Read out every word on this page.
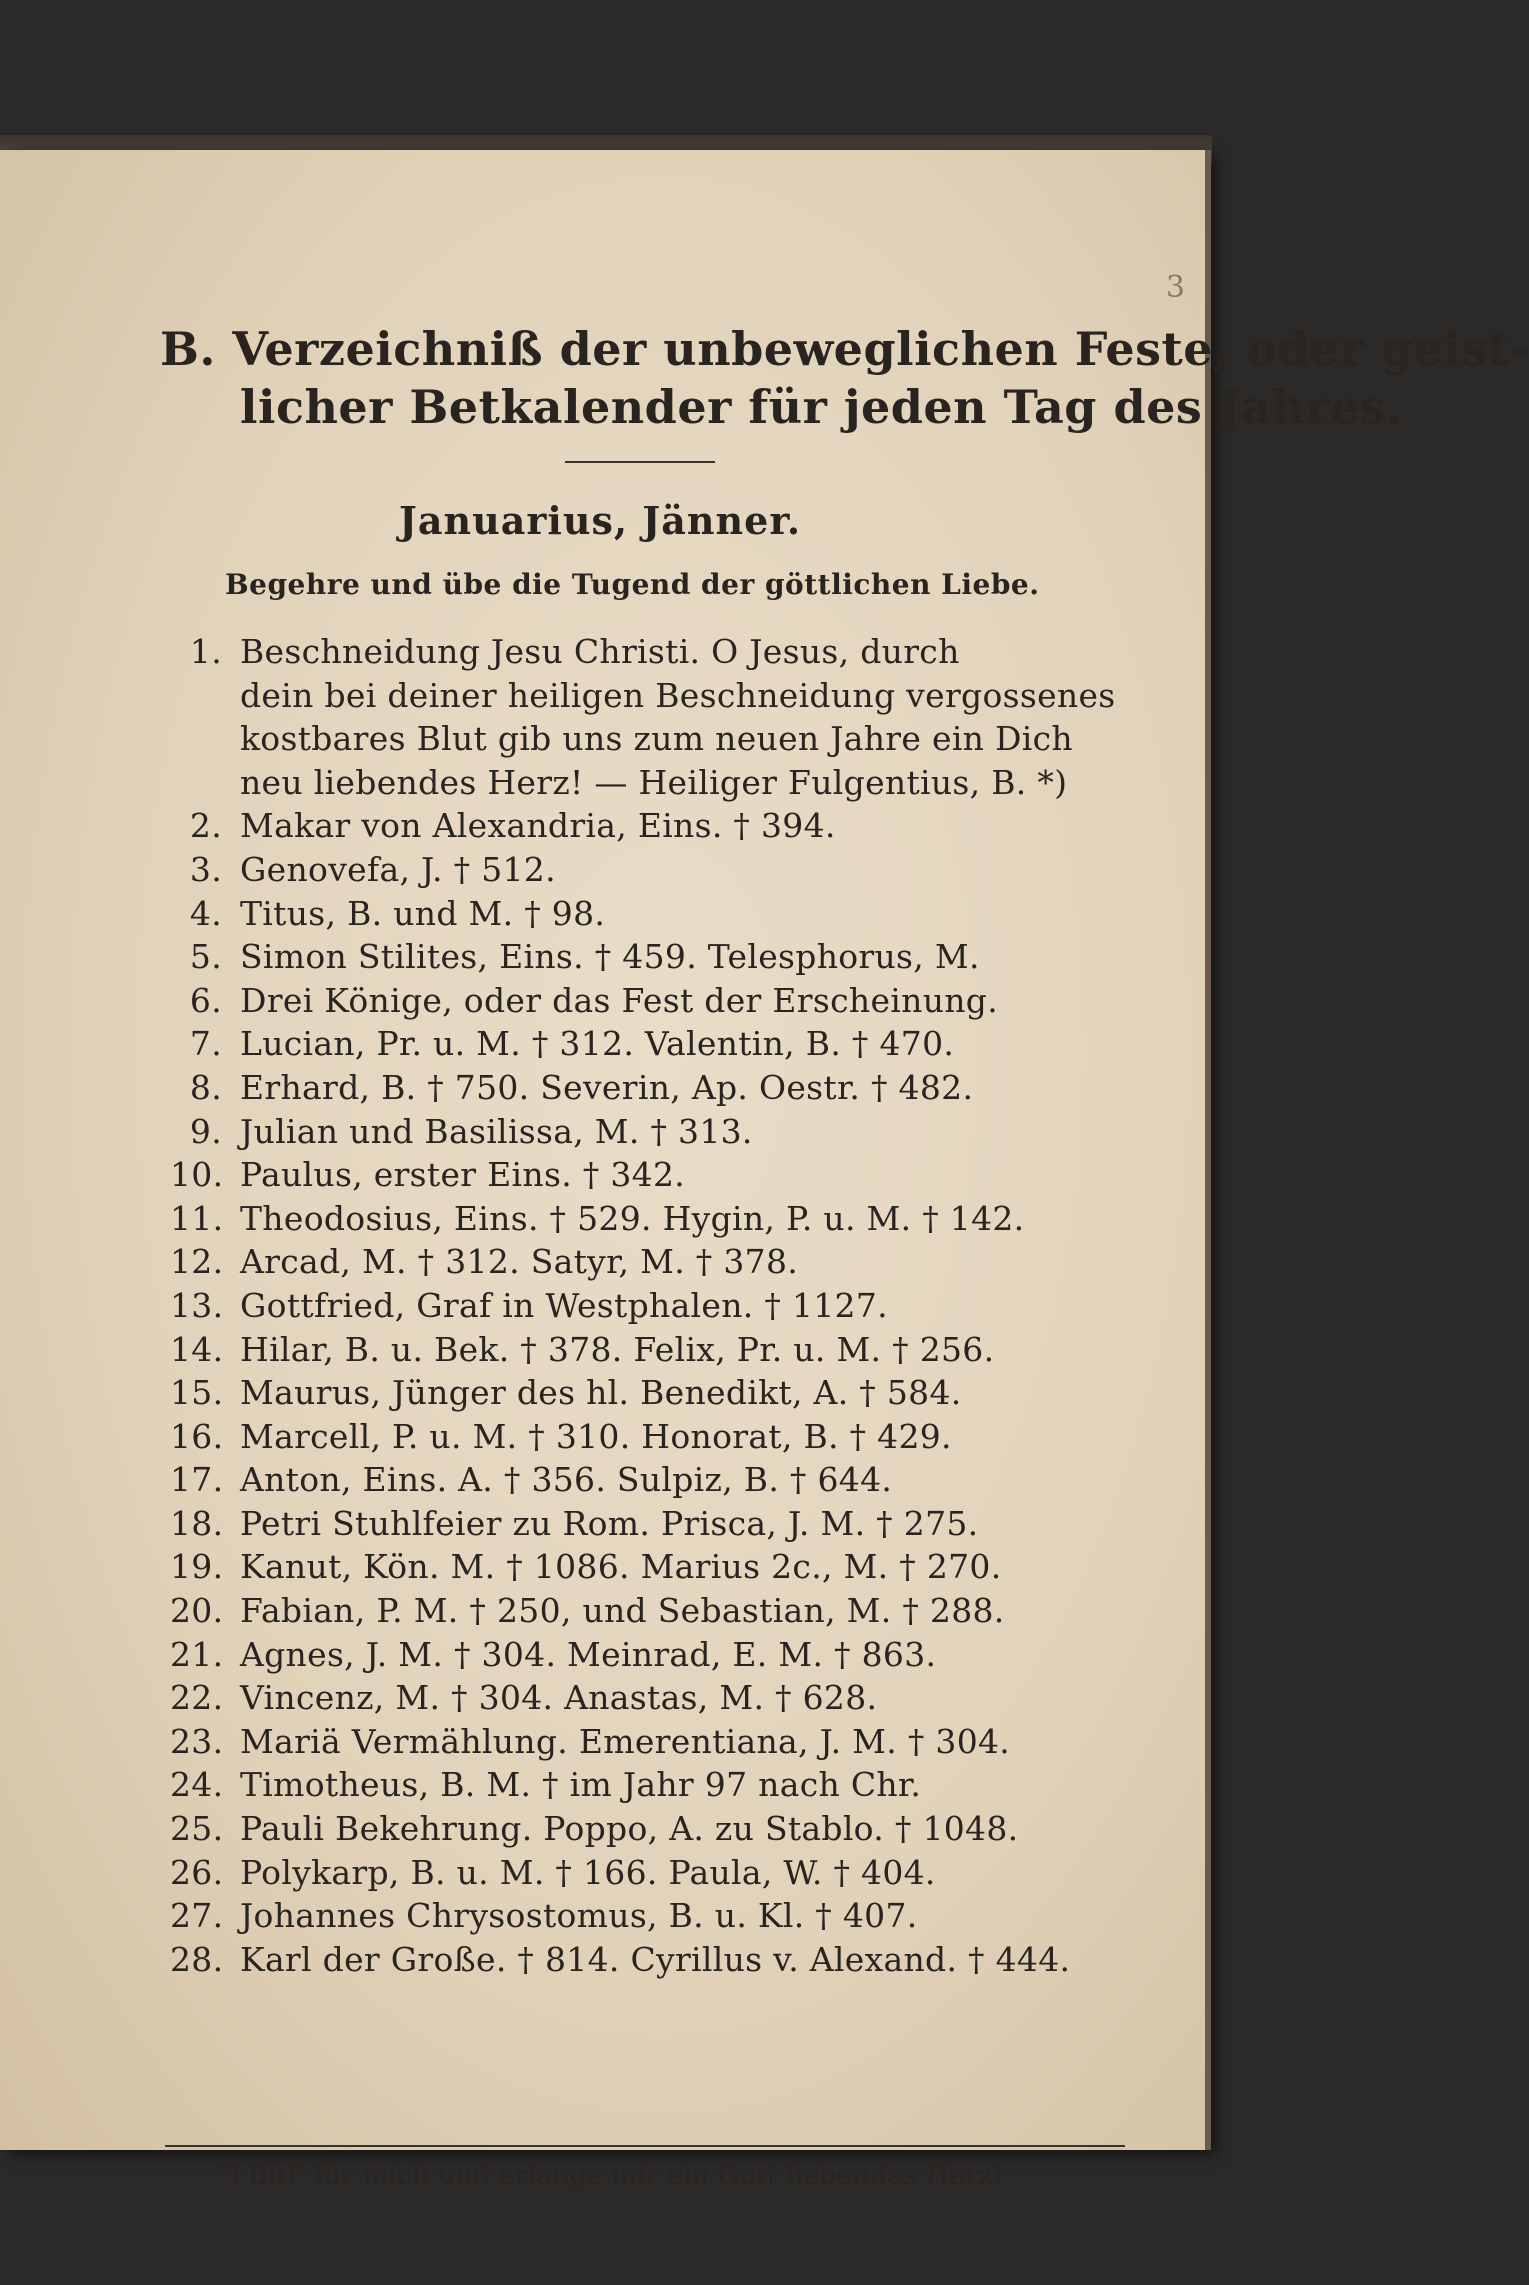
3
B. Verzeichniß der unbeweglichen Feste, oder geist-
licher Betkalender für jeden Tag des Jahres.
Januarius, Jänner.
Begehre und übe die Tugend der göttlichen Liebe.
1. Beschneidung Jesu Christi. O Jesus, durch
dein bei deiner heiligen Beschneidung vergossenes
kostbares Blut gib uns zum neuen Jahre ein Dich
neu liebendes Herz! — Heiliger Fulgentius, B. *)
2. Makar von Alexandria, Eins. † 394.
3. Genovefa, J. † 512.
4. Titus, B. und M. † 98.
5. Simon Stilites, Eins. † 459. Telesphorus, M.
6. Drei Könige, oder das Fest der Erscheinung.
7. Lucian, Pr. u. M. † 312. Valentin, B. † 470.
8. Erhard, B. † 750. Severin, Ap. Oestr. † 482.
9. Julian und Basilissa, M. † 313.
10. Paulus, erster Eins. † 342.
11. Theodosius, Eins. † 529. Hygin, P. u. M. † 142.
12. Arcad, M. † 312. Satyr, M. † 378.
13. Gottfried, Graf in Westphalen. † 1127.
14. Hilar, B. u. Bek. † 378. Felix, Pr. u. M. † 256.
15. Maurus, Jünger des hl. Benedikt, A. † 584.
16. Marcell, P. u. M. † 310. Honorat, B. † 429.
17. Anton, Eins. A. † 356. Sulpiz, B. † 644.
18. Petri Stuhlfeier zu Rom. Prisca, J. M. † 275.
19. Kanut, Kön. M. † 1086. Marius 2c., M. † 270.
20. Fabian, P. M. † 250, und Sebastian, M. † 288.
21. Agnes, J. M. † 304. Meinrad, E. M. † 863.
22. Vincenz, M. † 304. Anastas, M. † 628.
23. Mariä Vermählung. Emerentiana, J. M. † 304.
24. Timotheus, B. M. † im Jahr 97 nach Chr.
25. Pauli Bekehrung. Poppo, A. zu Stablo. † 1048.
26. Polykarp, B. u. M. † 166. Paula, W. † 404.
27. Johannes Chrysostomus, B. u. Kl. † 407.
28. Karl der Große. † 814. Cyrillus v. Alexand. † 444.
*) Bitt' für mich und erlange mir ein Gott liebendes Herz!
